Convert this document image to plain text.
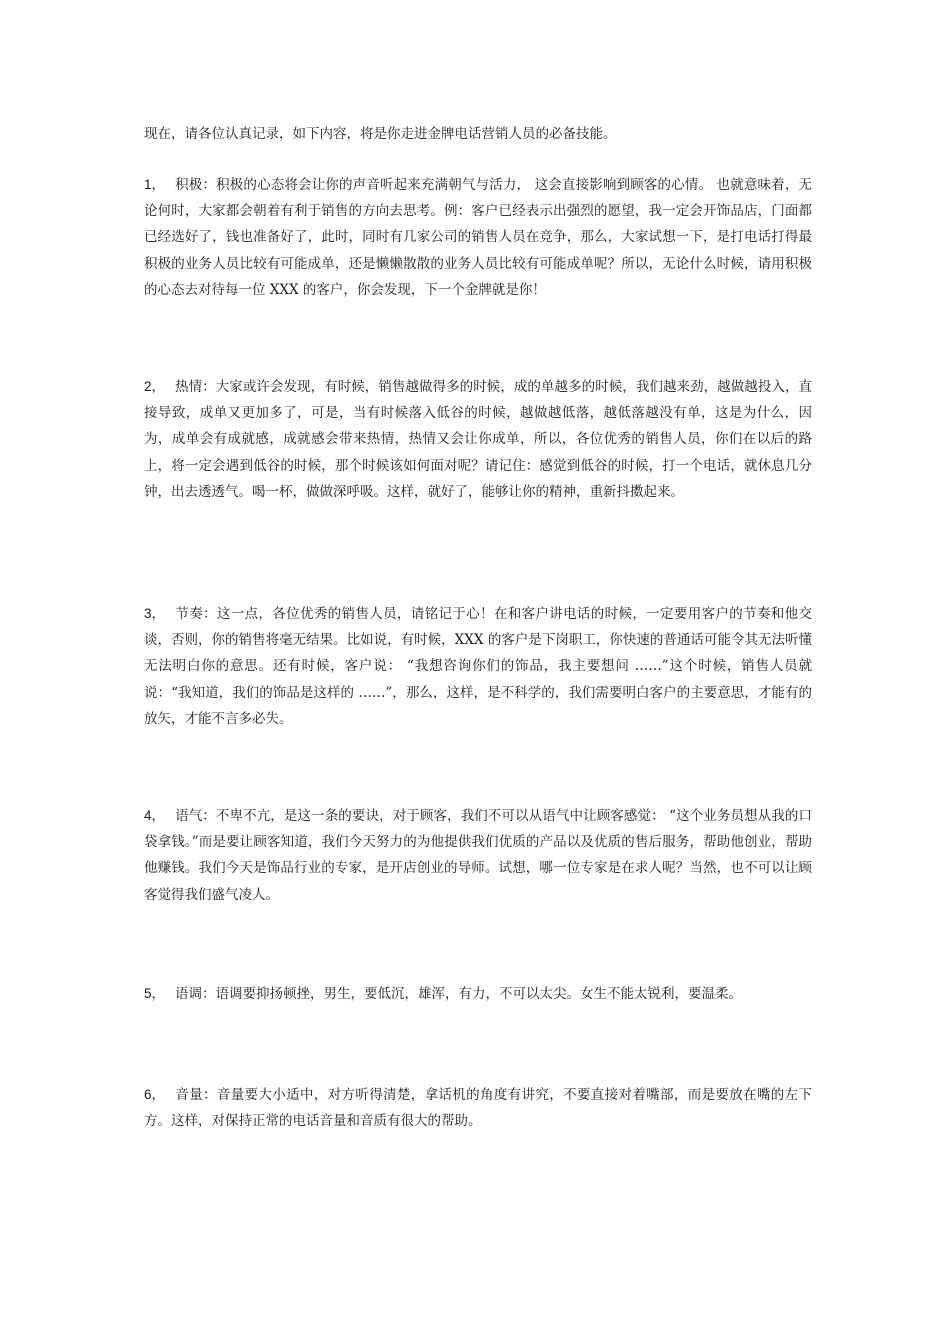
现在，请各位认真记录，如下内容，将是你走进金牌电话营销人员的必备技能。

1， 积极：积极的心态将会让你的声音听起来充满朝气与活力， 这会直接影响到顾客的心情。 也就意味着，无论何时，大家都会朝着有利于销售的方向去思考。例：客户已经表示出强烈的愿望，我一定会开饰品店，门面都已经选好了，钱也准备好了，此时，同时有几家公司的销售人员在竞争，那么，大家试想一下，是打电话打得最积极的业务人员比较有可能成单，还是懒懒散散的业务人员比较有可能成单呢？所以，无论什么时候，请用积极的心态去对待每一位 XXX 的客户，你会发现，下一个金牌就是你！

2， 热情：大家或许会发现，有时候，销售越做得多的时候，成的单越多的时候，我们越来劲，越做越投入，直接导致，成单又更加多了，可是，当有时候落入低谷的时候，越做越低落，越低落越没有单，这是为什么，因为，成单会有成就感，成就感会带来热情，热情又会让你成单，所以，各位优秀的销售人员，你们在以后的路上，将一定会遇到低谷的时候，那个时候该如何面对呢？请记住：感觉到低谷的时候，打一个电话，就休息几分钟，出去透透气。喝一杯，做做深呼吸。这样，就好了，能够让你的精神，重新抖擞起来。

3， 节奏：这一点，各位优秀的销售人员，请铭记于心！在和客户讲电话的时候，一定要用客户的节奏和他交谈，否则，你的销售将毫无结果。比如说，有时候，XXX 的客户是下岗职工，你快速的普通话可能令其无法听懂无法明白你的意思。还有时候，客户说： “我想咨询你们的饰品，我主要想问 ……”这个时候，销售人员就说：“我知道，我们的饰品是这样的 ……”，那么，这样，是不科学的，我们需要明白客户的主要意思，才能有的放矢，才能不言多必失。

4， 语气：不卑不亢，是这一条的要诀，对于顾客，我们不可以从语气中让顾客感觉： “这个业务员想从我的口袋拿钱。”而是要让顾客知道，我们今天努力的为他提供我们优质的产品以及优质的售后服务，帮助他创业，帮助他赚钱。我们今天是饰品行业的专家，是开店创业的导师。试想，哪一位专家是在求人呢？当然，也不可以让顾客觉得我们盛气凌人。

5， 语调：语调要抑扬顿挫，男生，要低沉，雄浑，有力，不可以太尖。女生不能太锐利，要温柔。

6， 音量：音量要大小适中，对方听得清楚，拿话机的角度有讲究，不要直接对着嘴部，而是要放在嘴的左下方。这样，对保持正常的电话音量和音质有很大的帮助。
